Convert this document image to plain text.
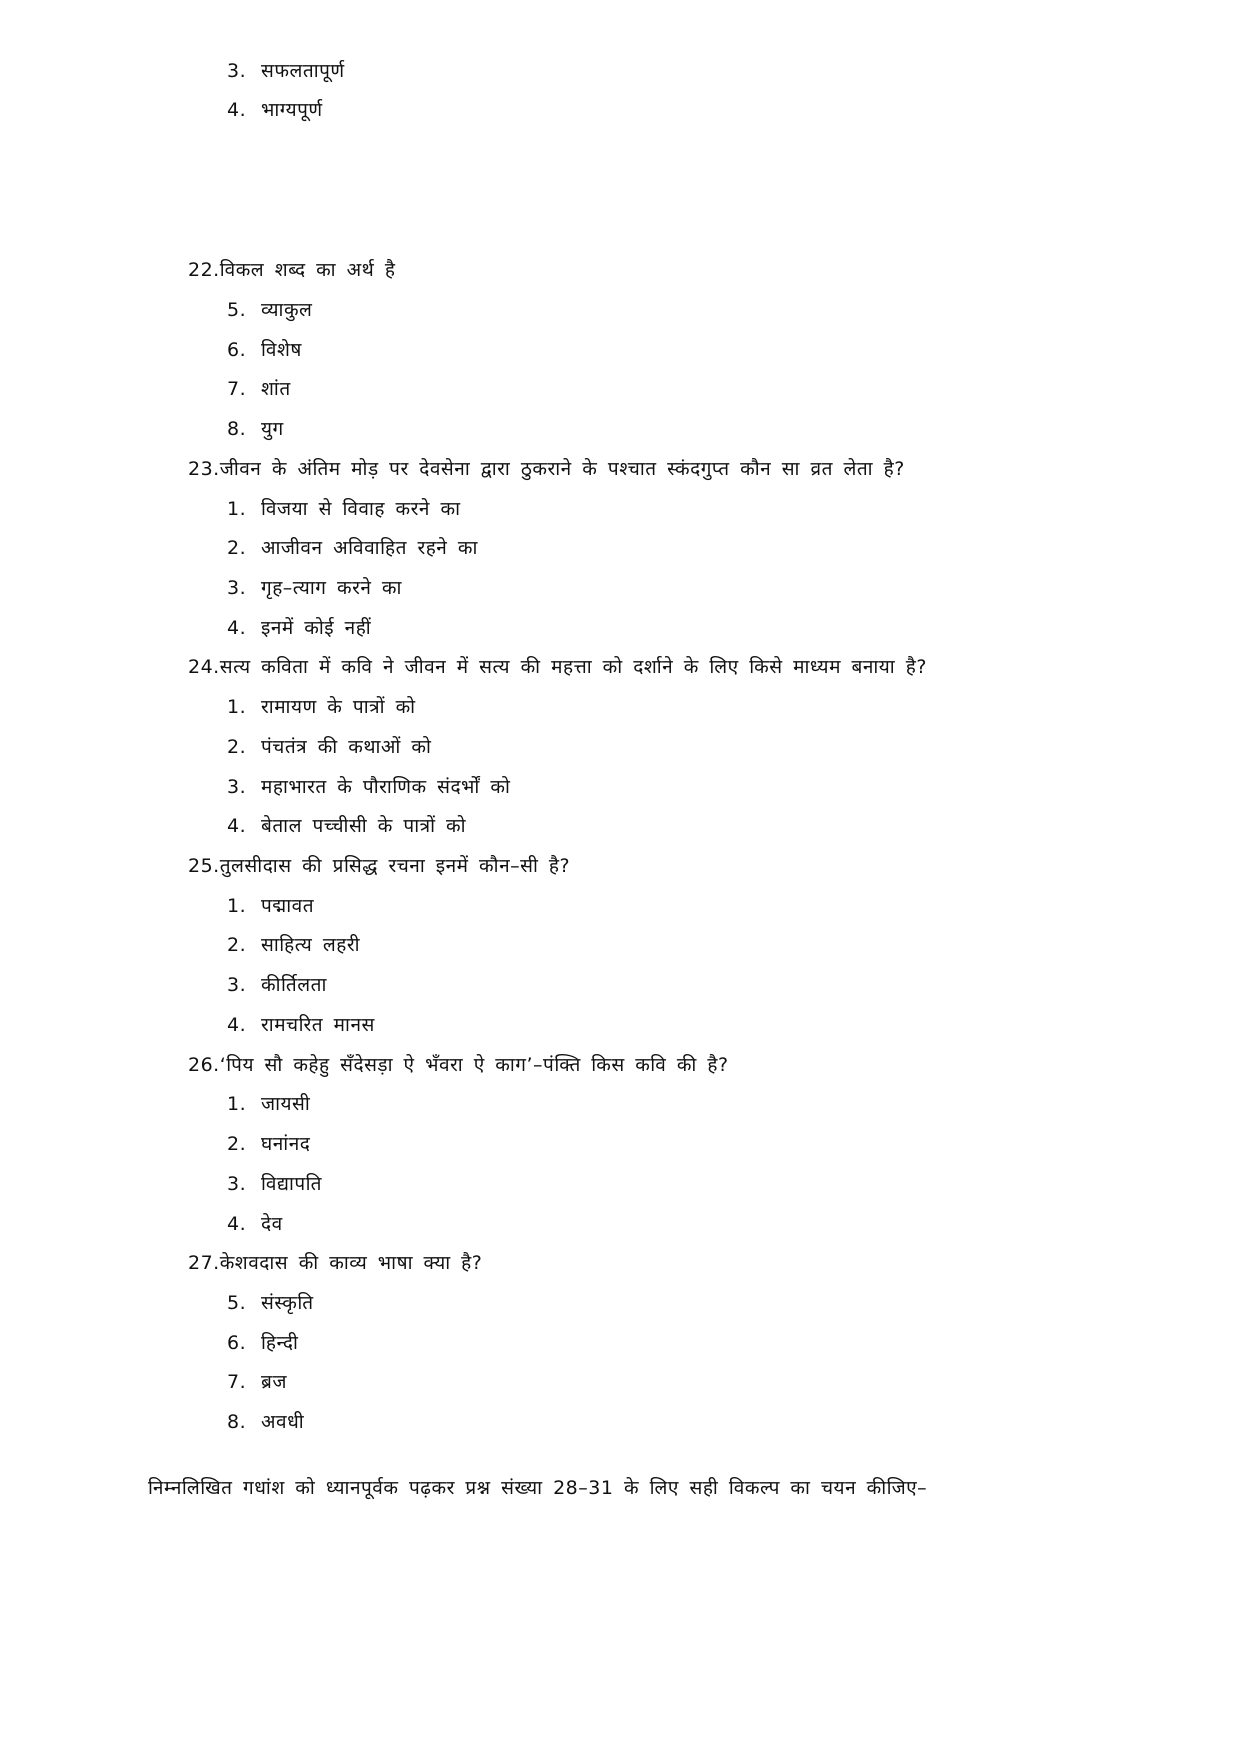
3. सफलतापूर्ण
4. भाग्यपूर्ण
22.विकल शब्द का अर्थ है
5. व्याकुल
6. विशेष
7. शांत
8. युग
23.जीवन के अंतिम मोड़ पर देवसेना द्वारा ठुकराने के पश्चात स्कंदगुप्त कौन सा व्रत लेता है?
1. विजया से विवाह करने का
2. आजीवन अविवाहित रहने का
3. गृह–त्याग करने का
4. इनमें कोई नहीं
24.सत्य कविता में कवि ने जीवन में सत्य की महत्ता को दर्शाने के लिए किसे माध्यम बनाया है?
1. रामायण के पात्रों को
2. पंचतंत्र की कथाओं को
3. महाभारत के पौराणिक संदर्भों को
4. बेताल पच्चीसी के पात्रों को
25.तुलसीदास की प्रसिद्ध रचना इनमें कौन–सी है?
1. पद्मावत
2. साहित्य लहरी
3. कीर्तिलता
4. रामचरित मानस
26.‘पिय सौ कहेहु सँदेसड़ा ऐ भँवरा ऐ काग’–पंक्ति किस कवि की है?
1. जायसी
2. घनांनद
3. विद्यापति
4. देव
27.केशवदास की काव्य भाषा क्या है?
5. संस्कृति
6. हिन्दी
7. ब्रज
8. अवधी
निम्नलिखित गधांश को ध्यानपूर्वक पढ़कर प्रश्न संख्या 28–31 के लिए सही विकल्प का चयन कीजिए–
